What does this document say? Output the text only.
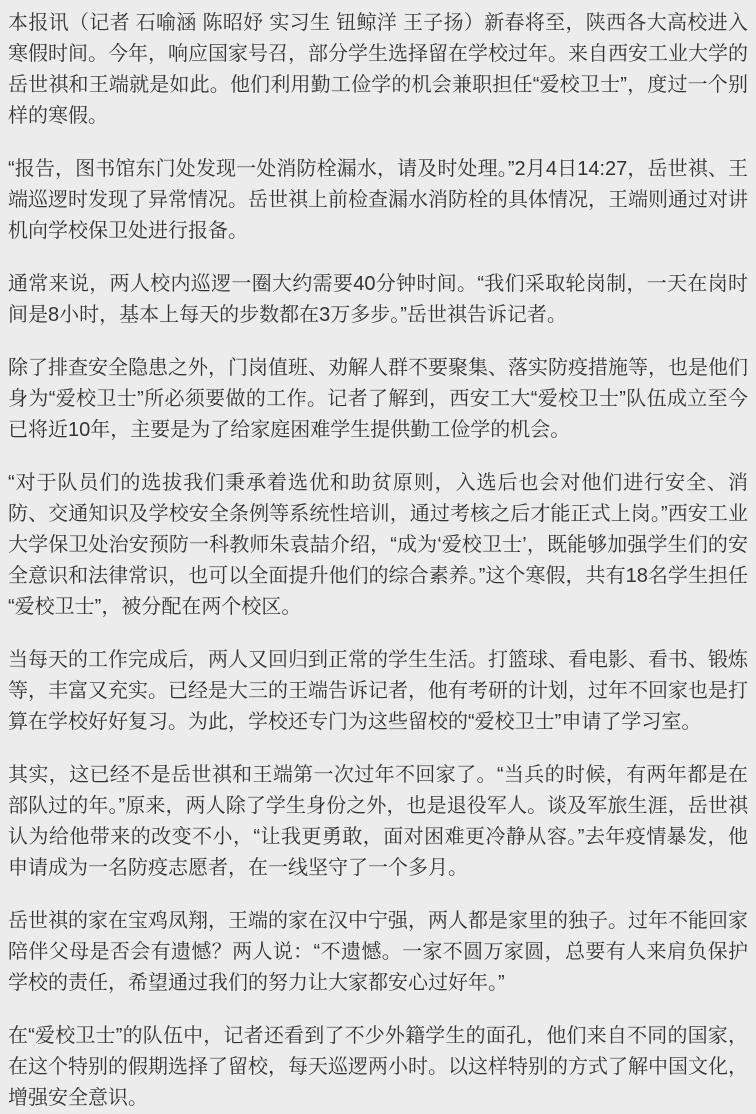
本报讯（记者 石喻涵 陈昭妤 实习生 钮鲸洋 王子扬）新春将至，陕西各大高校进入寒假时间。今年，响应国家号召，部分学生选择留在学校过年。来自西安工业大学的岳世祺和王端就是如此。他们利用勤工俭学的机会兼职担任“爱校卫士”，度过一个别样的寒假。

“报告，图书馆东门处发现一处消防栓漏水，请及时处理。”2月4日14:27，岳世祺、王端巡逻时发现了异常情况。岳世祺上前检查漏水消防栓的具体情况，王端则通过对讲机向学校保卫处进行报备。

通常来说，两人校内巡逻一圈大约需要40分钟时间。“我们采取轮岗制，一天在岗时间是8小时，基本上每天的步数都在3万多步。”岳世祺告诉记者。

除了排查安全隐患之外，门岗值班、劝解人群不要聚集、落实防疫措施等，也是他们身为“爱校卫士”所必须要做的工作。记者了解到，西安工大“爱校卫士”队伍成立至今已将近10年，主要是为了给家庭困难学生提供勤工俭学的机会。

“对于队员们的选拔我们秉承着选优和助贫原则，入选后也会对他们进行安全、消防、交通知识及学校安全条例等系统性培训，通过考核之后才能正式上岗。”西安工业大学保卫处治安预防一科教师朱袁喆介绍，“成为‘爱校卫士’，既能够加强学生们的安全意识和法律常识，也可以全面提升他们的综合素养。”这个寒假，共有18名学生担任“爱校卫士”，被分配在两个校区。

当每天的工作完成后，两人又回归到正常的学生生活。打篮球、看电影、看书、锻炼等，丰富又充实。已经是大三的王端告诉记者，他有考研的计划，过年不回家也是打算在学校好好复习。为此，学校还专门为这些留校的“爱校卫士”申请了学习室。

其实，这已经不是岳世祺和王端第一次过年不回家了。“当兵的时候，有两年都是在部队过的年。”原来，两人除了学生身份之外，也是退役军人。谈及军旅生涯，岳世祺认为给他带来的改变不小，“让我更勇敢，面对困难更冷静从容。”去年疫情暴发，他申请成为一名防疫志愿者，在一线坚守了一个多月。

岳世祺的家在宝鸡凤翔，王端的家在汉中宁强，两人都是家里的独子。过年不能回家陪伴父母是否会有遗憾？两人说：“不遗憾。一家不圆万家圆，总要有人来肩负保护学校的责任，希望通过我们的努力让大家都安心过好年。”

在“爱校卫士”的队伍中，记者还看到了不少外籍学生的面孔，他们来自不同的国家，在这个特别的假期选择了留校，每天巡逻两小时。以这样特别的方式了解中国文化，增强安全意识。
